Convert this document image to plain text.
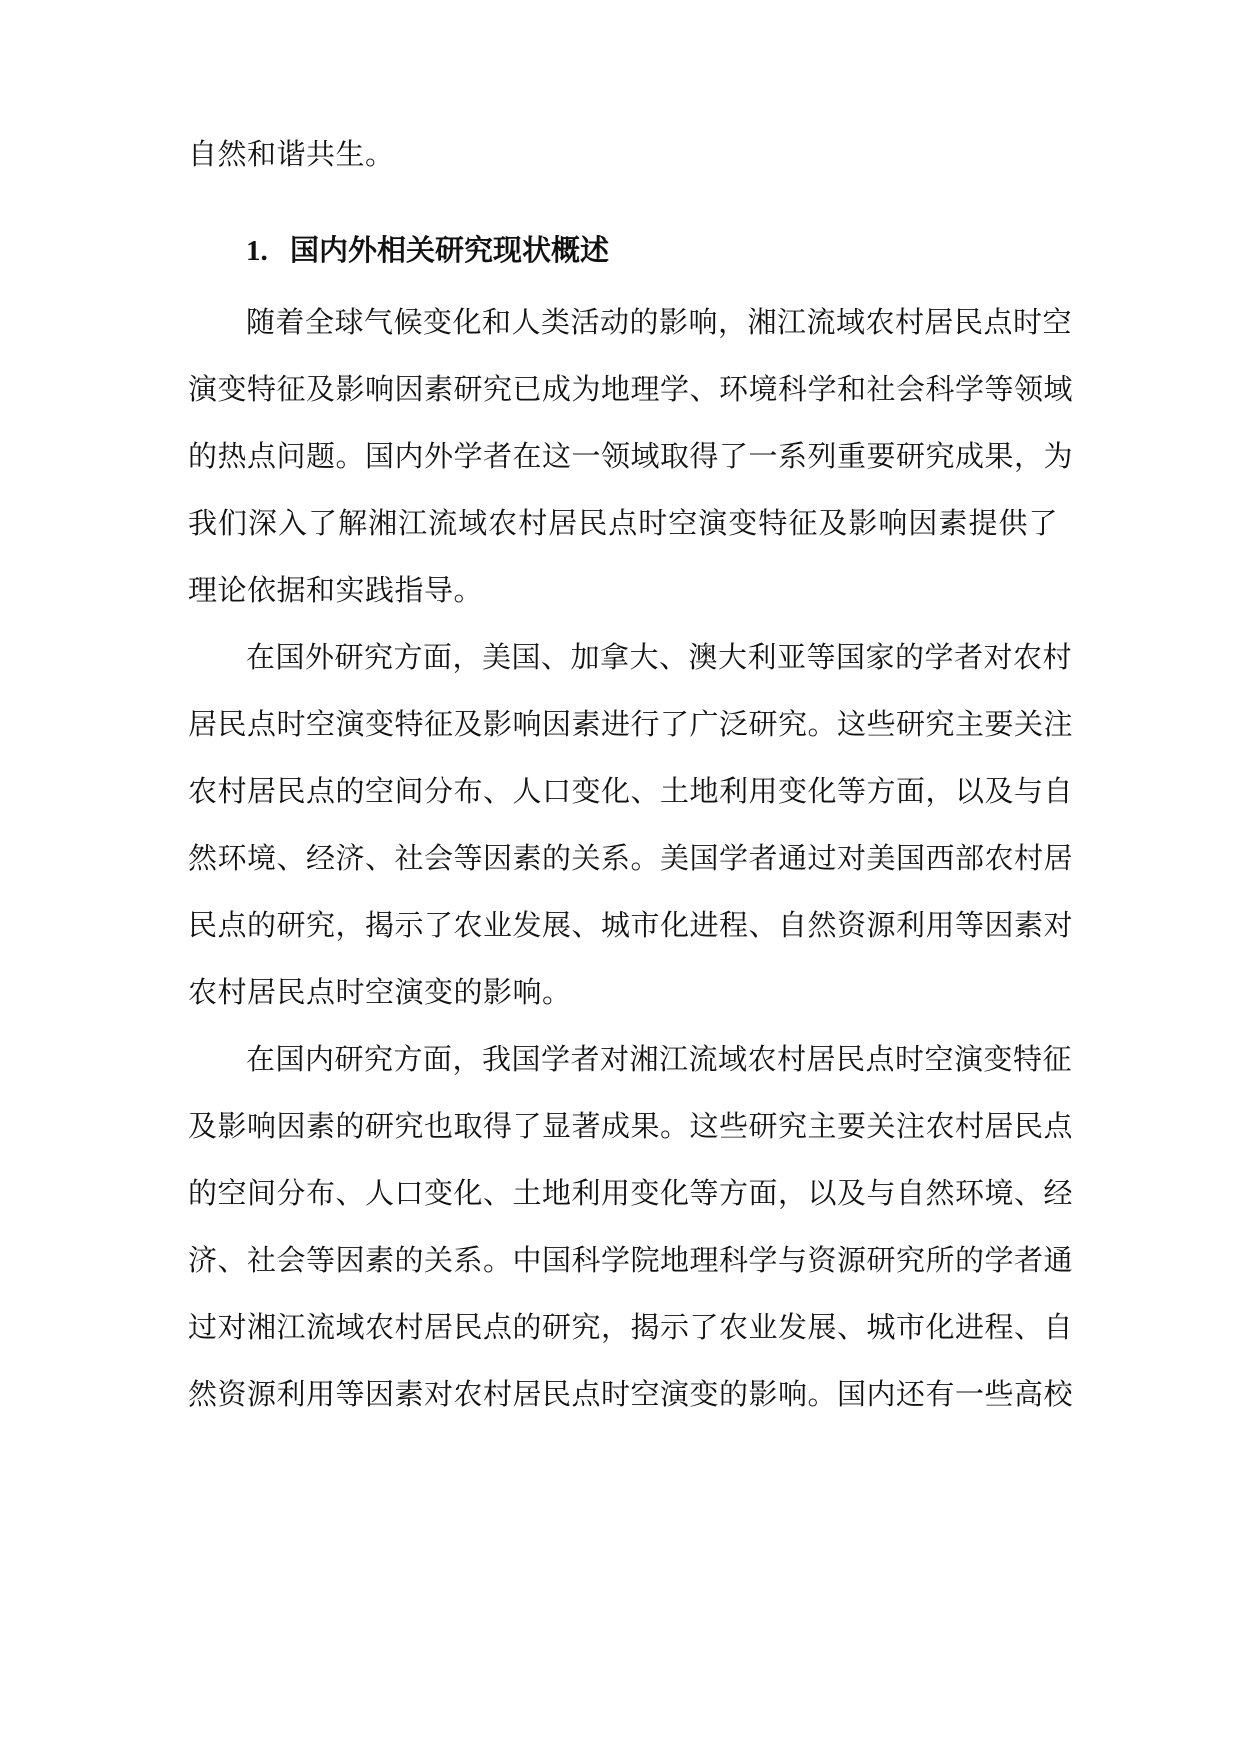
自然和谐共生。
1. 国内外相关研究现状概述
随着全球气候变化和人类活动的影响，湘江流域农村居民点时空
演变特征及影响因素研究已成为地理学、环境科学和社会科学等领域
的热点问题。国内外学者在这一领域取得了一系列重要研究成果，为
我们深入了解湘江流域农村居民点时空演变特征及影响因素提供了
理论依据和实践指导。
在国外研究方面，美国、加拿大、澳大利亚等国家的学者对农村
居民点时空演变特征及影响因素进行了广泛研究。这些研究主要关注
农村居民点的空间分布、人口变化、土地利用变化等方面，以及与自
然环境、经济、社会等因素的关系。美国学者通过对美国西部农村居
民点的研究，揭示了农业发展、城市化进程、自然资源利用等因素对
农村居民点时空演变的影响。
在国内研究方面，我国学者对湘江流域农村居民点时空演变特征
及影响因素的研究也取得了显著成果。这些研究主要关注农村居民点
的空间分布、人口变化、土地利用变化等方面，以及与自然环境、经
济、社会等因素的关系。中国科学院地理科学与资源研究所的学者通
过对湘江流域农村居民点的研究，揭示了农业发展、城市化进程、自
然资源利用等因素对农村居民点时空演变的影响。国内还有一些高校
